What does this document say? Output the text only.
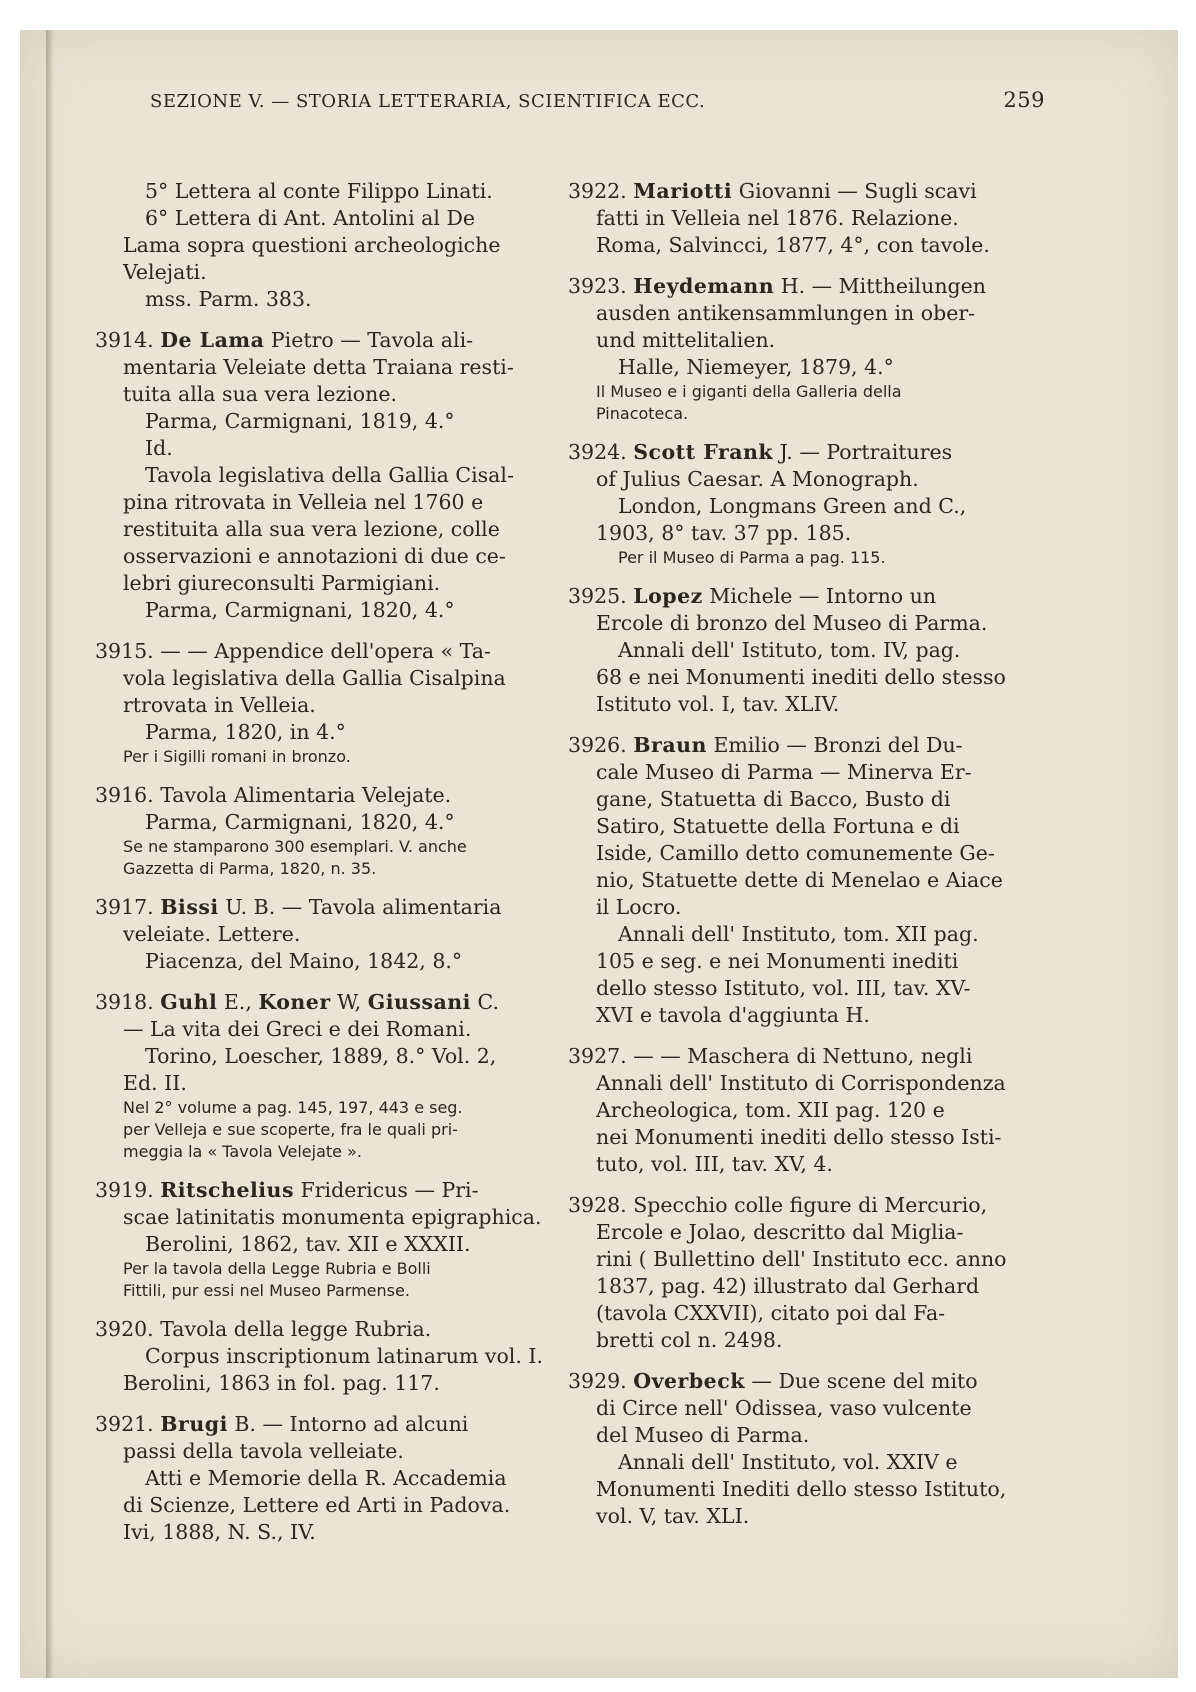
SEZIONE V. — STORIA LETTERARIA, SCIENTIFICA ECC.	259
5° Lettera al conte Filippo Linati.
6° Lettera di Ant. Antolini al De
Lama sopra questioni archeologiche
Velejati.
mss. Parm. 383.
3914. De Lama Pietro — Tavola ali-
mentaria Veleiate detta Traiana resti-
tuita alla sua vera lezione.
Parma, Carmignani, 1819, 4.°
Id.
Tavola legislativa della Gallia Cisal-
pina ritrovata in Velleia nel 1760 e
restituita alla sua vera lezione, colle
osservazioni e annotazioni di due ce-
lebri giureconsulti Parmigiani.
Parma, Carmignani, 1820, 4.°
3915. — — Appendice dell'opera « Ta-
vola legislativa della Gallia Cisalpina
rtrovata in Velleia.
Parma, 1820, in 4.°
Per i Sigilli romani in bronzo.
3916. Tavola Alimentaria Velejate.
Parma, Carmignani, 1820, 4.°
Se ne stamparono 300 esemplari. V. anche
Gazzetta di Parma, 1820, n. 35.
3917. Bissi U. B. — Tavola alimentaria
veleiate. Lettere.
Piacenza, del Maino, 1842, 8.°
3918. Guhl E., Koner W, Giussani C.
— La vita dei Greci e dei Romani.
Torino, Loescher, 1889, 8.° Vol. 2,
Ed. II.
Nel 2° volume a pag. 145, 197, 443 e seg.
per Velleja e sue scoperte, fra le quali pri-
meggia la « Tavola Velejate ».
3919. Ritschelius Fridericus — Pri-
scae latinitatis monumenta epigraphica.
Berolini, 1862, tav. XII e XXXII.
Per la tavola della Legge Rubria e Bolli
Fittili, pur essi nel Museo Parmense.
3920. Tavola della legge Rubria.
Corpus inscriptionum latinarum vol. I.
Berolini, 1863 in fol. pag. 117.
3921. Brugi B. — Intorno ad alcuni
passi della tavola velleiate.
Atti e Memorie della R. Accademia
di Scienze, Lettere ed Arti in Padova.
Ivi, 1888, N. S., IV.
3922. Mariotti Giovanni — Sugli scavi
fatti in Velleia nel 1876. Relazione.
Roma, Salvincci, 1877, 4°, con tavole.
3923. Heydemann H. — Mittheilungen
ausden antikensammlungen in ober-
und mittelitalien.
Halle, Niemeyer, 1879, 4.°
Il Museo e i giganti della Galleria della
Pinacoteca.
3924. Scott Frank J. — Portraitures
of Julius Caesar. A Monograph.
London, Longmans Green and C.,
1903, 8° tav. 37 pp. 185.
Per il Museo di Parma a pag. 115.
3925. Lopez Michele — Intorno un
Ercole di bronzo del Museo di Parma.
Annali dell' Istituto, tom. IV, pag.
68 e nei Monumenti inediti dello stesso
Istituto vol. I, tav. XLIV.
3926. Braun Emilio — Bronzi del Du-
cale Museo di Parma — Minerva Er-
gane, Statuetta di Bacco, Busto di
Satiro, Statuette della Fortuna e di
Iside, Camillo detto comunemente Ge-
nio, Statuette dette di Menelao e Aiace
il Locro.
Annali dell' Instituto, tom. XII pag.
105 e seg. e nei Monumenti inediti
dello stesso Istituto, vol. III, tav. XV-
XVI e tavola d'aggiunta H.
3927. — — Maschera di Nettuno, negli
Annali dell' Instituto di Corrispondenza
Archeologica, tom. XII pag. 120 e
nei Monumenti inediti dello stesso Isti-
tuto, vol. III, tav. XV, 4.
3928. Specchio colle figure di Mercurio,
Ercole e Jolao, descritto dal Miglia-
rini ( Bullettino dell' Instituto ecc. anno
1837, pag. 42) illustrato dal Gerhard
(tavola CXXVII), citato poi dal Fa-
bretti col n. 2498.
3929. Overbeck — Due scene del mito
di Circe nell' Odissea, vaso vulcente
del Museo di Parma.
Annali dell' Instituto, vol. XXIV e
Monumenti Inediti dello stesso Istituto,
vol. V, tav. XLI.
